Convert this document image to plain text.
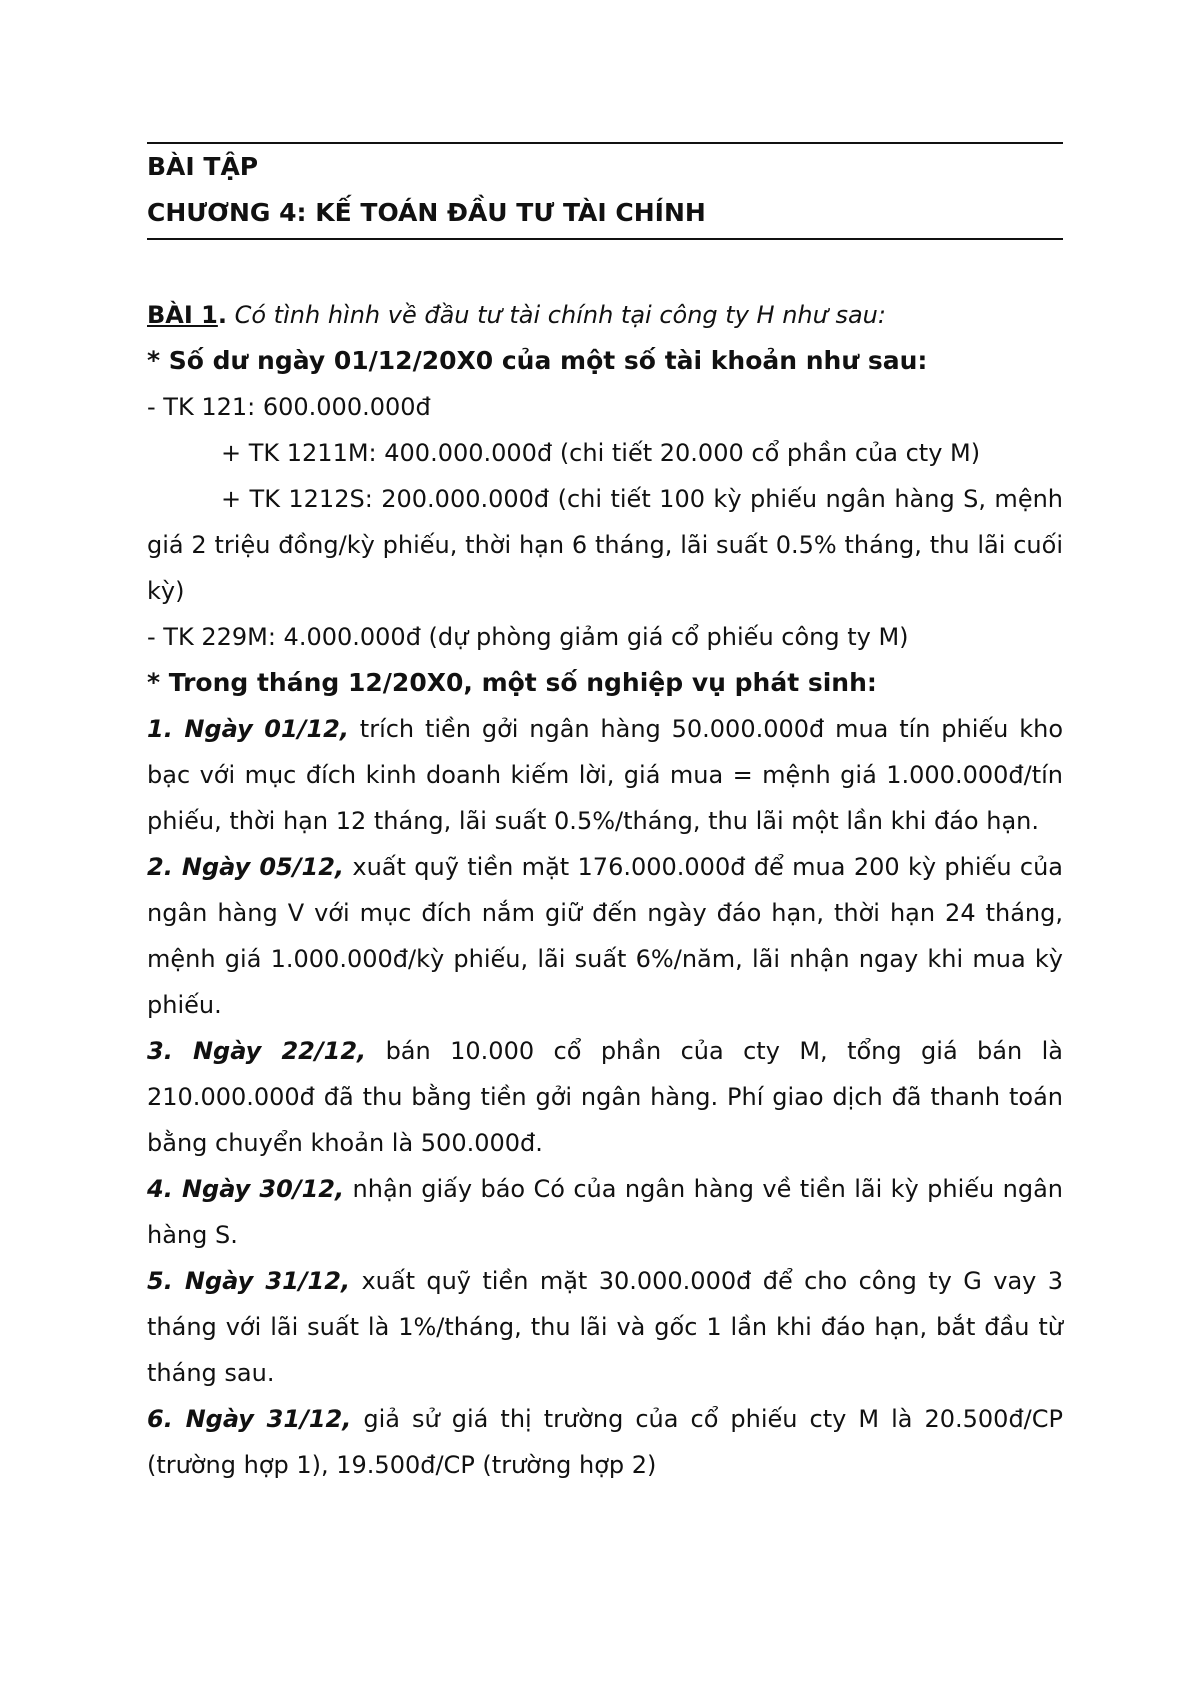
BÀI TẬP
CHƯƠNG 4: KẾ TOÁN ĐẦU TƯ TÀI CHÍNH
BÀI 1. Có tình hình về đầu tư tài chính tại công ty H như sau:
* Số dư ngày 01/12/20X0 của một số tài khoản như sau:
- TK 121: 600.000.000đ
+ TK 1211M: 400.000.000đ (chi tiết 20.000 cổ phần của cty M)
+ TK 1212S: 200.000.000đ (chi tiết 100 kỳ phiếu ngân hàng S, mệnh giá 2 triệu đồng/kỳ phiếu, thời hạn 6 tháng, lãi suất 0.5% tháng, thu lãi cuối kỳ)
- TK 229M: 4.000.000đ (dự phòng giảm giá cổ phiếu công ty M)
* Trong tháng 12/20X0, một số nghiệp vụ phát sinh:
1. Ngày 01/12, trích tiền gởi ngân hàng 50.000.000đ mua tín phiếu kho bạc với mục đích kinh doanh kiếm lời, giá mua = mệnh giá 1.000.000đ/tín phiếu, thời hạn 12 tháng, lãi suất 0.5%/tháng, thu lãi một lần khi đáo hạn.
2. Ngày 05/12, xuất quỹ tiền mặt 176.000.000đ để mua 200 kỳ phiếu của ngân hàng V với mục đích nắm giữ đến ngày đáo hạn, thời hạn 24 tháng, mệnh giá 1.000.000đ/kỳ phiếu, lãi suất 6%/năm, lãi nhận ngay khi mua kỳ phiếu.
3. Ngày 22/12, bán 10.000 cổ phần của cty M, tổng giá bán là 210.000.000đ đã thu bằng tiền gởi ngân hàng. Phí giao dịch đã thanh toán bằng chuyển khoản là 500.000đ.
4. Ngày 30/12, nhận giấy báo Có của ngân hàng về tiền lãi kỳ phiếu ngân hàng S.
5. Ngày 31/12, xuất quỹ tiền mặt 30.000.000đ để cho công ty G vay 3 tháng với lãi suất là 1%/tháng, thu lãi và gốc 1 lần khi đáo hạn, bắt đầu từ tháng sau.
6. Ngày 31/12, giả sử giá thị trường của cổ phiếu cty M là 20.500đ/CP (trường hợp 1), 19.500đ/CP (trường hợp 2)
